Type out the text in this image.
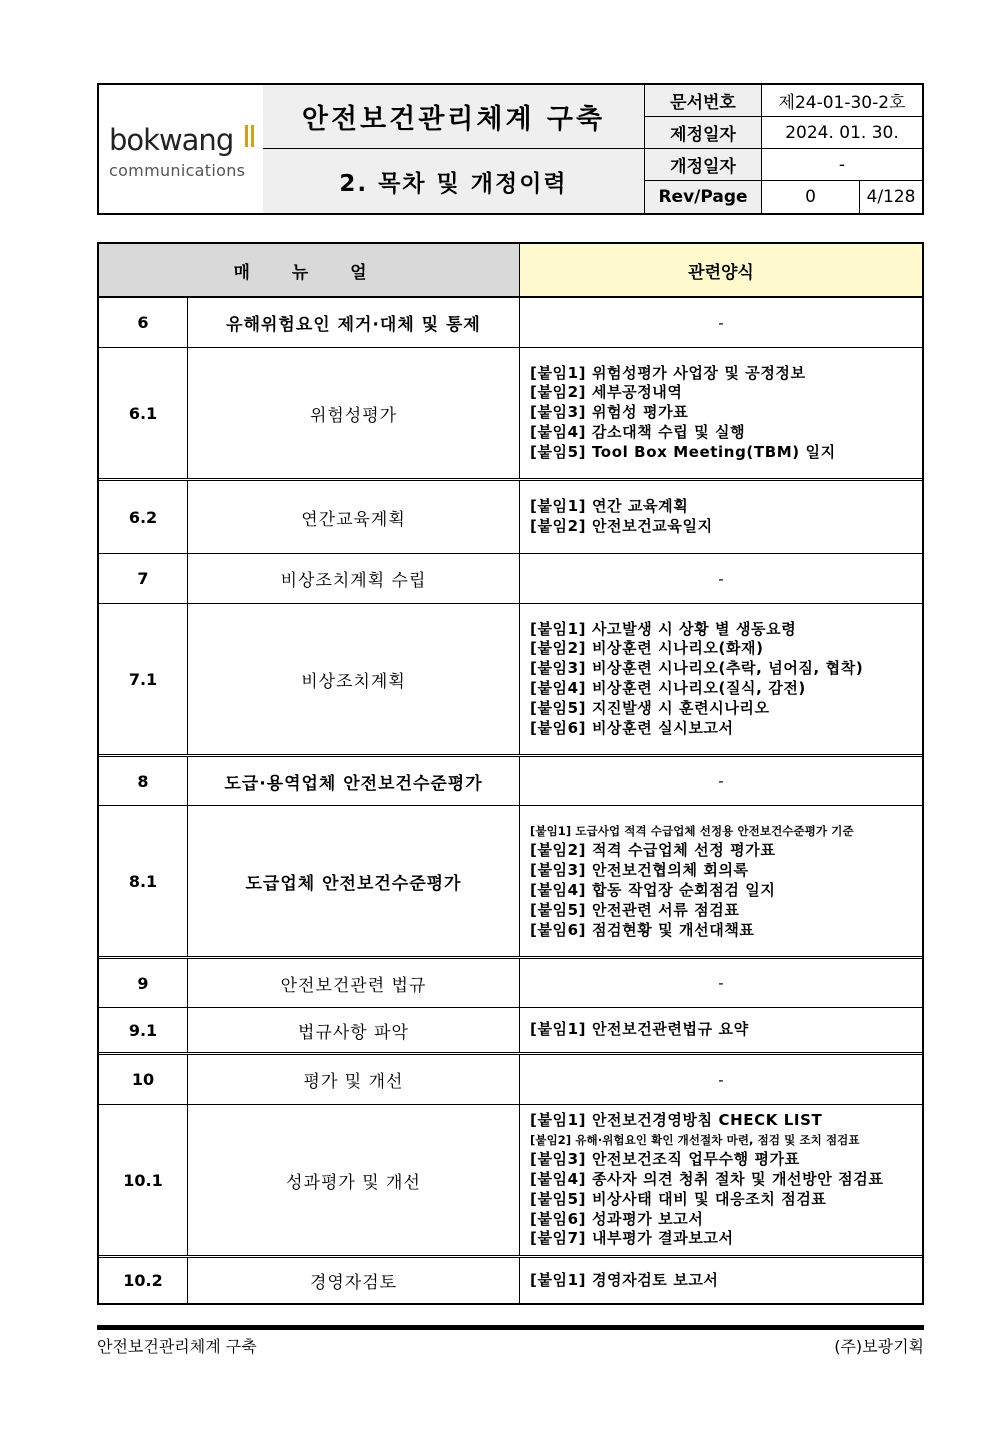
bokwang
communications
안전보건관리체계 구축
2. 목차 및 개정이력
문서번호	제24-01-30-2호
제정일자	2024. 01. 30.
개정일자	-
Rev/Page	0	4/128
매 뉴 얼	관련양식
6	유해위험요인 제거·대체 및 통제	-
6.1	위험성평가
[붙임1] 위험성평가 사업장 및 공정정보
[붙임2] 세부공정내역
[붙임3] 위험성 평가표
[붙임4] 감소대책 수립 및 실행
[붙임5] Tool Box Meeting(TBM) 일지
6.2	연간교육계획
[붙임1] 연간 교육계획
[붙임2] 안전보건교육일지
7	비상조치계획 수립	-
7.1	비상조치계획
[붙임1] 사고발생 시 상황 별 생동요령
[붙임2] 비상훈련 시나리오(화재)
[붙임3] 비상훈련 시나리오(추락, 넘어짐, 협착)
[붙임4] 비상훈련 시나리오(질식, 감전)
[붙임5] 지진발생 시 훈련시나리오
[붙임6] 비상훈련 실시보고서
8	도급·용역업체 안전보건수준평가	-
8.1	도급업체 안전보건수준평가
[붙임1] 도급사업 적격 수급업체 선정용 안전보건수준평가 기준
[붙임2] 적격 수급업체 선정 평가표
[붙임3] 안전보건협의체 회의록
[붙임4] 합동 작업장 순회점검 일지
[붙임5] 안전관련 서류 점검표
[붙임6] 점검현황 및 개선대책표
9	안전보건관련 법규	-
9.1	법규사항 파악	[붙임1] 안전보건관련법규 요약
10	평가 및 개선	-
10.1	성과평가 및 개선
[붙임1] 안전보건경영방침 CHECK LIST
[붙임2] 유해·위험요인 확인 개선절차 마련, 점검 및 조치 점검표
[붙임3] 안전보건조직 업무수행 평가표
[붙임4] 종사자 의견 청취 절차 및 개선방안 점검표
[붙임5] 비상사태 대비 및 대응조치 점검표
[붙임6] 성과평가 보고서
[붙임7] 내부평가 결과보고서
10.2	경영자검토	[붙임1] 경영자검토 보고서
안전보건관리체계 구축	(주)보광기획
